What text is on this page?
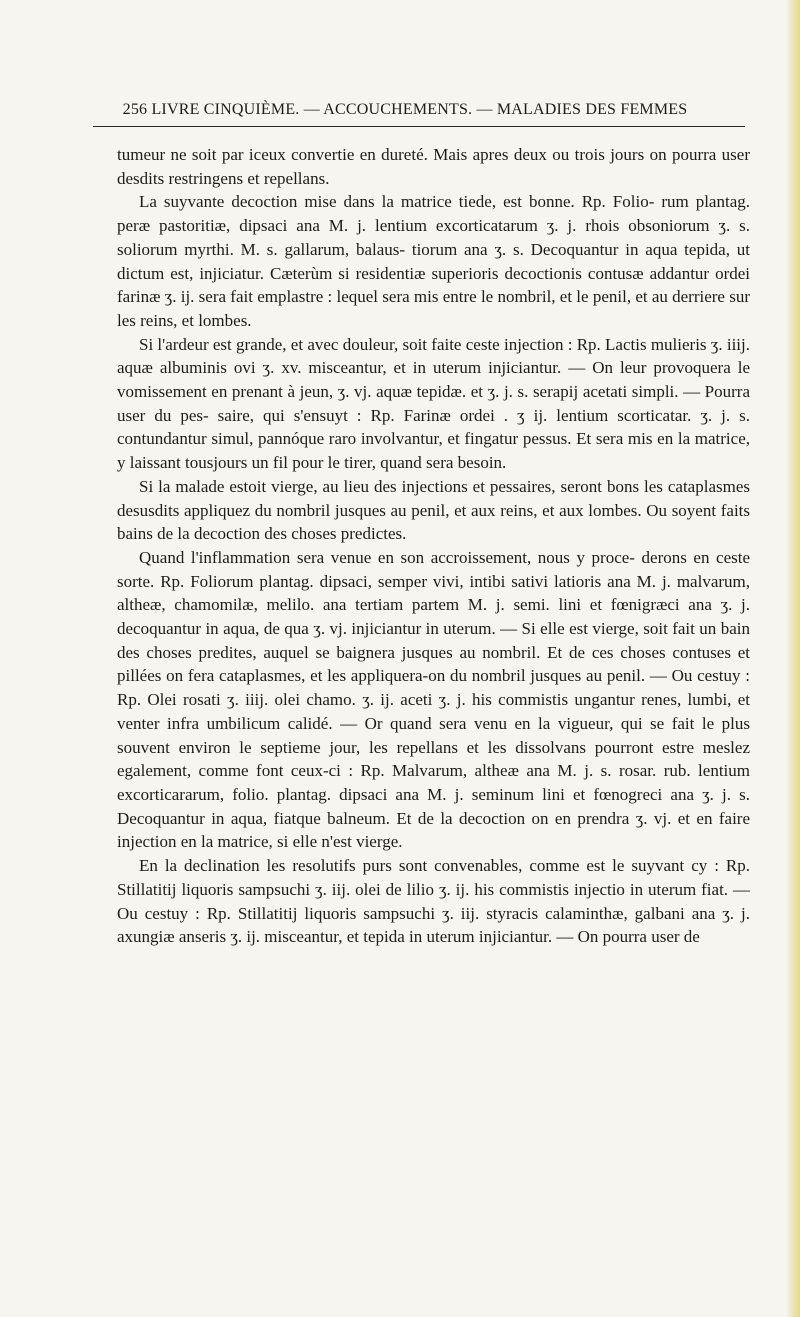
256 LIVRE CINQUIÈME. — ACCOUCHEMENTS. — MALADIES DES FEMMES

tumeur ne soit par iceux convertie en dureté. Mais apres deux ou trois jours on pourra user desdits restringens et repellans.

La suyvante decoction mise dans la matrice tiede, est bonne. Rp. Folio- rum plantag. peræ pastoritiæ, dipsaci ana M. j. lentium excorticatarum ʒ. j. rhois obsoniorum ʒ. s. soliorum myrthi. M. s. gallarum, balaus- tiorum ana ʒ. s. Decoquantur in aqua tepida, ut dictum est, injiciatur. Cæterùm si residentiæ superioris decoctionis contusæ addantur ordei farinæ ʒ. ij. sera fait emplastre : lequel sera mis entre le nombril, et le penil, et au derriere sur les reins, et lombes.

Si l'ardeur est grande, et avec douleur, soit faite ceste injection : Rp. Lactis mulieris ʒ. iiij. aquæ albuminis ovi ʒ. xv. misceantur, et in uterum injiciantur. — On leur provoquera le vomissement en prenant à jeun, ʒ. vj. aquæ tepidæ. et ʒ. j. s. serapij acetati simpli. — Pourra user du pes- saire, qui s'ensuyt : Rp. Farinæ ordei . ʒ ij. lentium scorticatar. ʒ. j. s. contundantur simul, pannóque raro involvantur, et fingatur pessus. Et sera mis en la matrice, y laissant tousjours un fil pour le tirer, quand sera besoin.

Si la malade estoit vierge, au lieu des injections et pessaires, seront bons les cataplasmes desusdits appliquez du nombril jusques au penil, et aux reins, et aux lombes. Ou soyent faits bains de la decoction des choses predictes.

Quand l'inflammation sera venue en son accroissement, nous y proce- derons en ceste sorte. Rp. Foliorum plantag. dipsaci, semper vivi, intibi sativi latioris ana M. j. malvarum, altheæ, chamomilæ, melilo. ana tertiam partem M. j. semi. lini et fœnigræci ana ʒ. j. decoquantur in aqua, de qua ʒ. vj. injiciantur in uterum. — Si elle est vierge, soit fait un bain des choses predites, auquel se baignera jusques au nombril. Et de ces choses contuses et pillées on fera cataplasmes, et les appliquera-on du nombril jusques au penil. — Ou cestuy : Rp. Olei rosati ʒ. iiij. olei chamo. ʒ. ij. aceti ʒ. j. his commistis ungantur renes, lumbi, et venter infra umbilicum calidé. — Or quand sera venu en la vigueur, qui se fait le plus souvent environ le septieme jour, les repellans et les dissolvans pourront estre meslez egalement, comme font ceux-ci : Rp. Malvarum, altheæ ana M. j. s. rosar. rub. lentium excorticararum, folio. plantag. dipsaci ana M. j. seminum lini et fœnogreci ana ʒ. j. s. Decoquantur in aqua, fiatque balneum. Et de la decoction on en prendra ʒ. vj. et en faire injection en la matrice, si elle n'est vierge.

En la declination les resolutifs purs sont convenables, comme est le suyvant cy : Rp. Stillatitij liquoris sampsuchi ʒ. iij. olei de lilio ʒ. ij. his commistis injectio in uterum fiat. — Ou cestuy : Rp. Stillatitij liquoris sampsuchi ʒ. iij. styracis calaminthæ, galbani ana ʒ. j. axungiæ anseris ʒ. ij. misceantur, et tepida in uterum injiciantur. — On pourra user de
